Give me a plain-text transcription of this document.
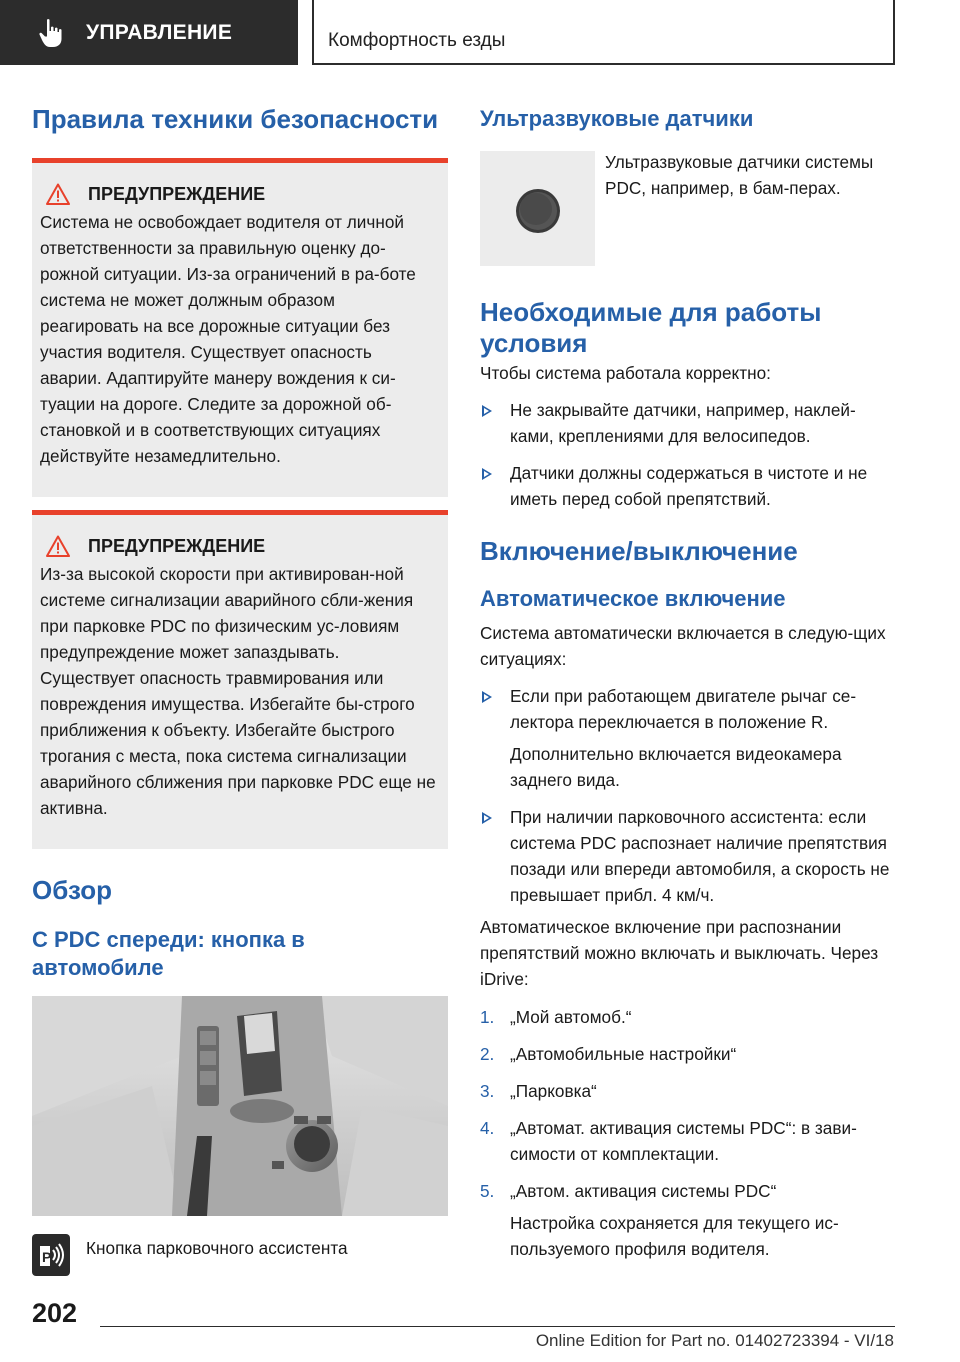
УПРАВЛЕНИЕ	Комфортность езды
Правила техники безопасности
ПРЕДУПРЕЖДЕНИЕ
Система не освобождает водителя от личной ответственности за правильную оценку до-рожной ситуации. Из-за ограничений в ра-боте система не может должным образом реагировать на все дорожные ситуации без участия водителя. Существует опасность аварии. Адаптируйте манеру вождения к си-туации на дороге. Следите за дорожной об-становкой и в соответствующих ситуациях действуйте незамедлительно.
ПРЕДУПРЕЖДЕНИЕ
Из-за высокой скорости при активирован-ной системе сигнализации аварийного сбли-жения при парковке PDC по физическим ус-ловиям предупреждение может запаздывать. Существует опасность травмирования или повреждения имущества. Избегайте бы-строго приближения к объекту. Избегайте быстрого трогания с места, пока система сигнализации аварийного сближения при парковке PDC еще не активна.
Обзор
С PDC спереди: кнопка в автомобиле
P Кнопка парковочного ассистента
Ультразвуковые датчики
Ультразвуковые датчики системы PDC, например, в бам-перах.
Необходимые для работы условия
Чтобы система работала корректно:
Не закрывайте датчики, например, наклей-ками, креплениями для велосипедов.
Датчики должны содержаться в чистоте и не иметь перед собой препятствий.
Включение/выключение
Автоматическое включение
Система автоматически включается в следую-щих ситуациях:
Если при работающем двигателе рычаг се-лектора переключается в положение R.
Дополнительно включается видеокамера заднего вида.
При наличии парковочного ассистента: если система PDC распознает наличие препятствия позади или впереди автомобиля, а скорость не превышает прибл. 4 км/ч.
Автоматическое включение при распознании препятствий можно включать и выключать. Через iDrive:
1. „Мой автомоб.“
2. „Автомобильные настройки“
3. „Парковка“
4. „Автомат. активация системы PDC“: в зави-симости от комплектации.
5. „Автом. активация системы PDC“
Настройка сохраняется для текущего ис-пользуемого профиля водителя.
202
Online Edition for Part no. 01402723394 - VI/18
